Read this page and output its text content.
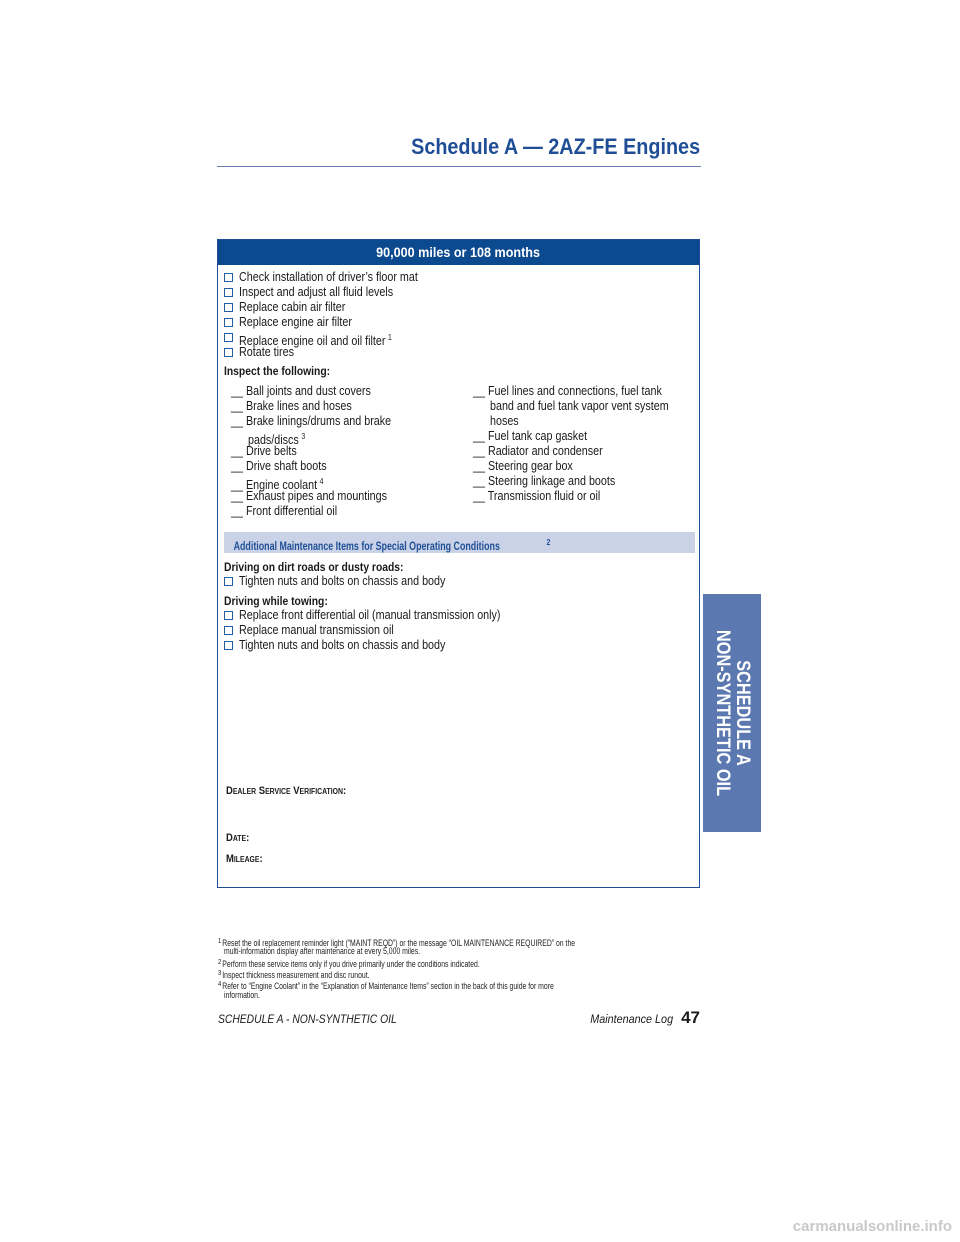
Schedule A — 2AZ-FE Engines
90,000 miles or 108 months
Check installation of driver’s floor mat
Inspect and adjust all fluid levels
Replace cabin air filter
Replace engine air filter
Replace engine oil and oil filter $^1$
Rotate tires
Inspect the following:
__ Ball joints and dust covers
__ Brake lines and hoses
__ Brake linings/drums and brake
pads/discs $^3$
__ Drive belts
__ Drive shaft boots
__ Engine coolant $^4$
__ Exhaust pipes and mountings
__ Front differential oil
__ Fuel lines and connections, fuel tank
band and fuel tank vapor vent system
hoses
__ Fuel tank cap gasket
__ Radiator and condenser
__ Steering gear box
__ Steering linkage and boots
__ Transmission fluid or oil
Additional Maintenance Items for Special Operating Conditions	$^2$
Driving on dirt roads or dusty roads:
Tighten nuts and bolts on chassis and body
Driving while towing:
Replace front differential oil (manual transmission only)
Replace manual transmission oil
Tighten nuts and bolts on chassis and body
Dealer Service Verification:
Date:
Mileage:
SCHEDULE A
NON-SYNTHETIC OIL
$^1$Reset the oil replacement reminder light (“MAINT REQD”) or the message “OIL MAINTENANCE REQUIRED” on the
multi-information display after maintenance at every 5,000 miles.
$^2$Perform these service items only if you drive primarily under the conditions indicated.
$^3$Inspect thickness measurement and disc runout.
$^4$Refer to “Engine Coolant” in the “Explanation of Maintenance Items” section in the back of this guide for more
information.
SCHEDULE A - NON-SYNTHETIC OIL	Maintenance Log 47
carmanualsonline.info
